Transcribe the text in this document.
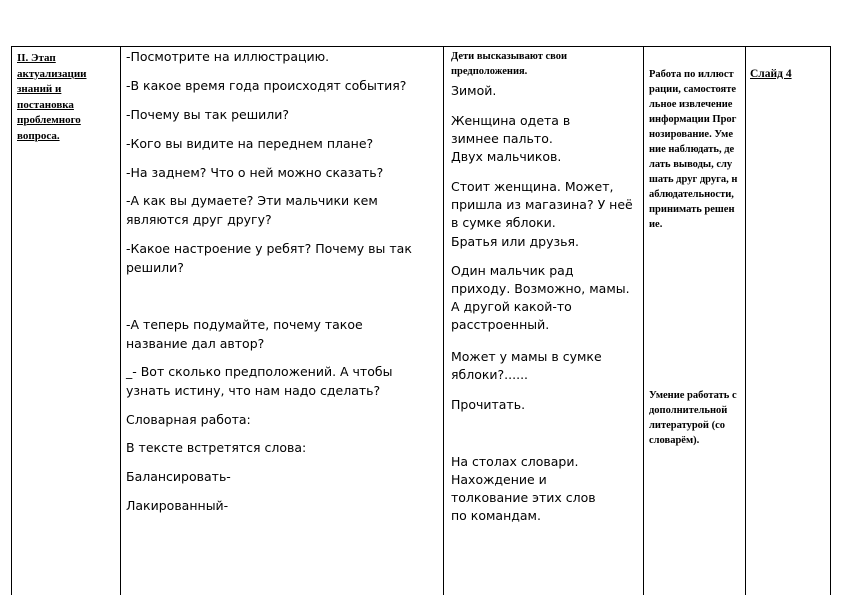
II. Этап
актуализации
знаний и
постановка
проблемного
вопроса.

-Посмотрите на иллюстрацию.

-В какое время года происходят события?

-Почему вы так решили?

-Кого вы видите на переднем плане?

-На заднем? Что о ней можно сказать?

-А как вы думаете? Эти мальчики кем являются друг другу?

-Какое настроение у ребят? Почему вы так решили?

-А теперь подумайте, почему такое название дал автор?

_- Вот сколько предположений. А чтобы узнать истину, что нам надо сделать?

Словарная работа:

В тексте встретятся слова:

Балансировать-

Лакированный-

Дети высказывают свои предположения.

Зимой.

Женщина одета в зимнее пальто.

Двух мальчиков.

Стоит женщина. Может, пришла из магазина? У неё в сумке яблоки.

Братья или друзья.

Один мальчик рад приходу. Возможно, мамы. А другой какой-то расстроенный.

Может у мамы в сумке яблоки?......

Прочитать.

На столах словари. Нахождение и толкование этих слов по командам.

Работа по иллюстрации, самостоятельное извлечение информации Прогнозирование. Умение наблюдать, делать выводы, слушать друг друга, наблюдательности, принимать решение.

Умение работать с дополнительной литературой (со словарём).

Слайд 4
